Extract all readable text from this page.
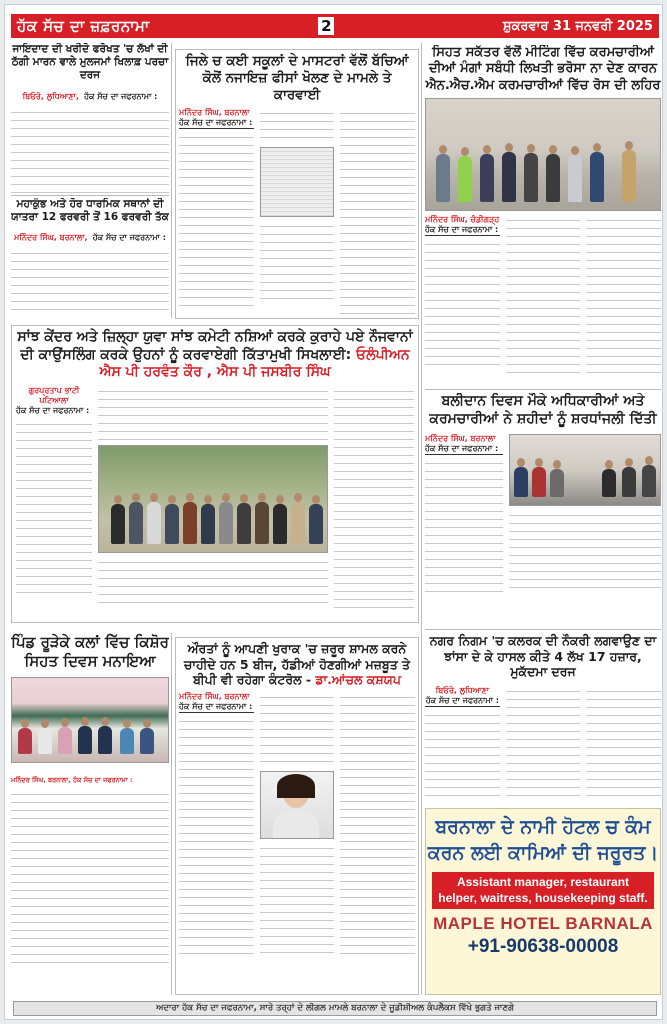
ਹੱਕ ਸੱਚ ਦਾ ਜ਼ਫ਼ਰਨਾਮਾ	2	ਸ਼ੁਕਰਵਾਰ 31 ਜਨਵਰੀ 2025
ਜਾਇਦਾਦ ਦੀ ਖਰੀਦੋ ਫਰੋਖਤ 'ਚ ਲੱਖਾਂ ਦੀ ਠੱਗੀ ਮਾਰਨ ਵਾਲੇ ਮੁਲਜਮਾਂ ਖਿਲਾਫ਼ ਪਰਚਾ ਦਰਜ
ਬਿਓਰੋ, ਲੁਧਿਆਣਾ, ਹੱਕ ਸੱਚ ਦਾ ਜਫਰਨਾਮਾ :
ਮਹਾਕੁੰਭ ਅਤੇ ਹੋਰ ਧਾਰਮਿਕ ਸਥਾਨਾਂ ਦੀ ਯਾਤਰਾ 12 ਫਰਵਰੀ ਤੋਂ 16 ਫਰਵਰੀ ਤੱਕ
ਮਨਿੰਦਰ ਸਿੰਘ, ਬਰਨਾਲਾ, ਹੱਕ ਸੱਚ ਦਾ ਜਫਰਨਾਮਾ :
ਜਿਲੇ ਚ ਕਈ ਸਕੂਲਾਂ ਦੇ ਮਾਸਟਰਾਂ ਵੱਲੋਂ ਬੱਚਿਆਂ ਕੋਲੋਂ ਨਜਾਇਜ਼ ਫੀਸਾਂ ਖੋਲਣ ਦੇ ਮਾਮਲੇ ਤੇ ਕਾਰਵਾਈ
ਮਨਿੰਦਰ ਸਿੰਘ, ਬਰਨਾਲਾ
ਹੱਕ ਸੱਚ ਦਾ ਜਫਰਨਾਮਾ :
ਸਿਹਤ ਸਕੱਤਰ ਵੱਲੋਂ ਮੀਟਿੰਗ ਵਿੱਚ ਕਰਮਚਾਰੀਆਂ ਦੀਆਂ ਮੰਗਾਂ ਸਬੰਧੀ ਲਿਖਤੀ ਭਰੋਸਾ ਨਾ ਦੇਣ ਕਾਰਨ ਐਨ.ਐਚ.ਐਮ ਕਰਮਚਾਰੀਆਂ ਵਿੱਚ ਰੋਸ ਦੀ ਲਹਿਰ
ਮਨਿੰਦਰ ਸਿੰਘ, ਚੰਡੀਗੜ੍ਹ
ਹੱਕ ਸੱਚ ਦਾ ਜਫਰਨਾਮਾ :
ਸਾਂਝ ਕੇਂਦਰ ਅਤੇ ਜ਼ਿਲ੍ਹਾ ਯੁਵਾ ਸਾਂਝ ਕਮੇਟੀ ਨਸ਼ਿਆਂ ਕਰਕੇ ਕੁਰਾਹੇ ਪਏ ਨੌਜਵਾਨਾਂ ਦੀ ਕਾਉਂਸਲਿੰਗ ਕਰਕੇ ਉਹਨਾਂ ਨੂੰ ਕਰਵਾਏਗੀ ਕਿੱਤਾਮੁਖੀ ਸਿਖਲਾਈ: ਓਲੰਪੀਅਨ ਐਸ ਪੀ ਹਰਵੰਤ ਕੌਰ , ਐਸ ਪੀ ਜਸਬੀਰ ਸਿੰਘ
ਗੁਰਪ੍ਰਤਾਪ ਭਾਟੀ ਪਟਿਆਲਾ
ਹੱਕ ਸੱਚ ਦਾ ਜਫਰਨਾਮਾ :
ਬਲੀਦਾਨ ਦਿਵਸ ਮੌਕੇ ਅਧਿਕਾਰੀਆਂ ਅਤੇ ਕਰਮਚਾਰੀਆਂ ਨੇ ਸ਼ਹੀਦਾਂ ਨੂੰ ਸ਼ਰਧਾਂਜਲੀ ਦਿੱਤੀ
ਮਨਿੰਦਰ ਸਿੰਘ, ਬਰਨਾਲਾ
ਹੱਕ ਸੱਚ ਦਾ ਜਫਰਨਾਮਾ :
ਪਿੰਡ ਰੂੜੇਕੇ ਕਲਾਂ ਵਿੱਚ ਕਿਸ਼ੋਰ ਸਿਹਤ ਦਿਵਸ ਮਨਾਇਆ
ਮਨਿੰਦਰ ਸਿੰਘ, ਬਰਨਾਲਾ, ਹੱਕ ਸੱਚ ਦਾ ਜਫਰਨਾਮਾ :
ਔਰਤਾਂ ਨੂੰ ਆਪਣੀ ਖੁਰਾਕ 'ਚ ਜ਼ਰੂਰ ਸ਼ਾਮਲ ਕਰਨੇ ਚਾਹੀਦੇ ਹਨ 5 ਬੀਜ, ਹੱਡੀਆਂ ਹੋਣਗੀਆਂ ਮਜ਼ਬੂਤ ਤੇ ਬੀਪੀ ਵੀ ਰਹੇਗਾ ਕੰਟਰੋਲ - ਡਾ.ਆਂਚਲ ਕਸ਼ਯਪ
ਮਨਿੰਦਰ ਸਿੰਘ, ਬਰਨਾਲਾ
ਹੱਕ ਸੱਚ ਦਾ ਜਫਰਨਾਮਾ :
ਨਗਰ ਨਿਗਮ 'ਚ ਕਲਰਕ ਦੀ ਨੌਕਰੀ ਲਗਵਾਉਣ ਦਾ ਝਾਂਸਾ ਦੇ ਕੇ ਹਾਸਲ ਕੀਤੇ 4 ਲੱਖ 17 ਹਜ਼ਾਰ, ਮੁਕੱਦਮਾ ਦਰਜ
ਬਿਓਰੋ, ਲੁਧਿਆਣਾ
ਹੱਕ ਸੱਚ ਦਾ ਜਫਰਨਾਮਾ :
ਬਰਨਾਲਾ ਦੇ ਨਾਮੀ ਹੋਟਲ ਚ ਕੰਮ ਕਰਨ ਲਈ ਕਾਮਿਆਂ ਦੀ ਜਰੂਰਤ।
Assistant manager, restaurant helper, waitress, housekeeping staff.
MAPLE HOTEL BARNALA
+91-90638-00008
ਅਦਾਰਾ ਹੱਕ ਸੱਚ ਦਾ ਜਫਰਨਾਮਾ, ਸਾਰੇ ਤਰ੍ਹਾਂ ਦੇ ਲੀਗਲ ਮਾਮਲੇ ਬਰਨਾਲਾ ਦੇ ਜੂਡੀਸ਼ੀਅਲ ਕੰਪਲੈਕਸ ਵਿੱਖੇ ਭੁਗਤੇ ਜਾਣਗੇ
